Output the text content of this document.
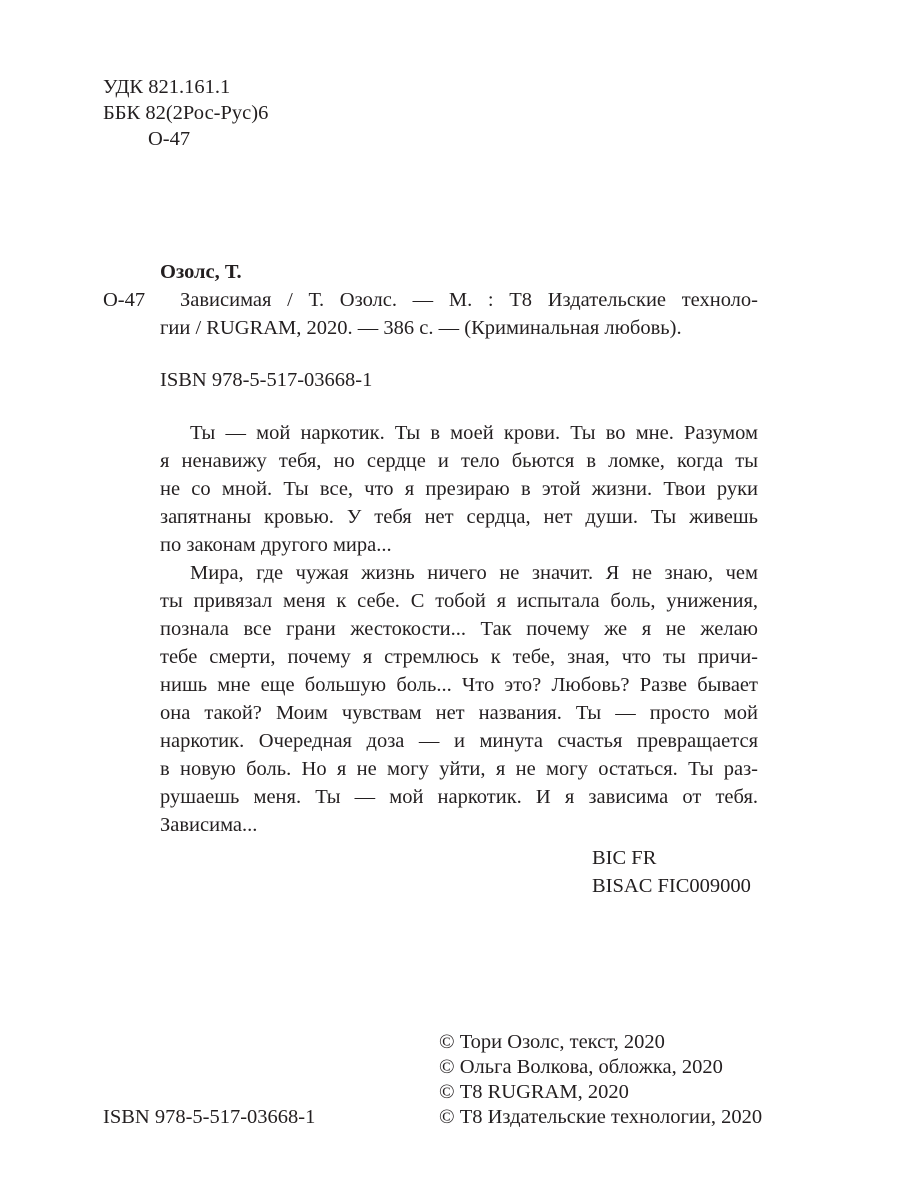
УДК 821.161.1
ББК 82(2Рос-Рус)6
О-47
Озолс, Т.
О-47 Зависимая / Т. Озолс. — М. : Т8 Издательские техноло-
гии / RUGRAM, 2020. — 386 с. — (Криминальная любовь).
ISBN 978-5-517-03668-1
Ты — мой наркотик. Ты в моей крови. Ты во мне. Разумом
я ненавижу тебя, но сердце и тело бьются в ломке, когда ты
не со мной. Ты все, что я презираю в этой жизни. Твои руки
запятнаны кровью. У тебя нет сердца, нет души. Ты живешь
по законам другого мира...
Мира, где чужая жизнь ничего не значит. Я не знаю, чем
ты привязал меня к себе. С тобой я испытала боль, унижения,
познала все грани жестокости... Так почему же я не желаю
тебе смерти, почему я стремлюсь к тебе, зная, что ты причи-
нишь мне еще большую боль... Что это? Любовь? Разве бывает
она такой? Моим чувствам нет названия. Ты — просто мой
наркотик. Очередная доза — и минута счастья превращается
в новую боль. Но я не могу уйти, я не могу остаться. Ты раз-
рушаешь меня. Ты — мой наркотик. И я зависима от тебя.
Зависима...
BIC FR
BISAC FIC009000
© Тори Озолс, текст, 2020
© Ольга Волкова, обложка, 2020
© Т8 RUGRAM, 2020
© Т8 Издательские технологии, 2020
ISBN 978-5-517-03668-1
